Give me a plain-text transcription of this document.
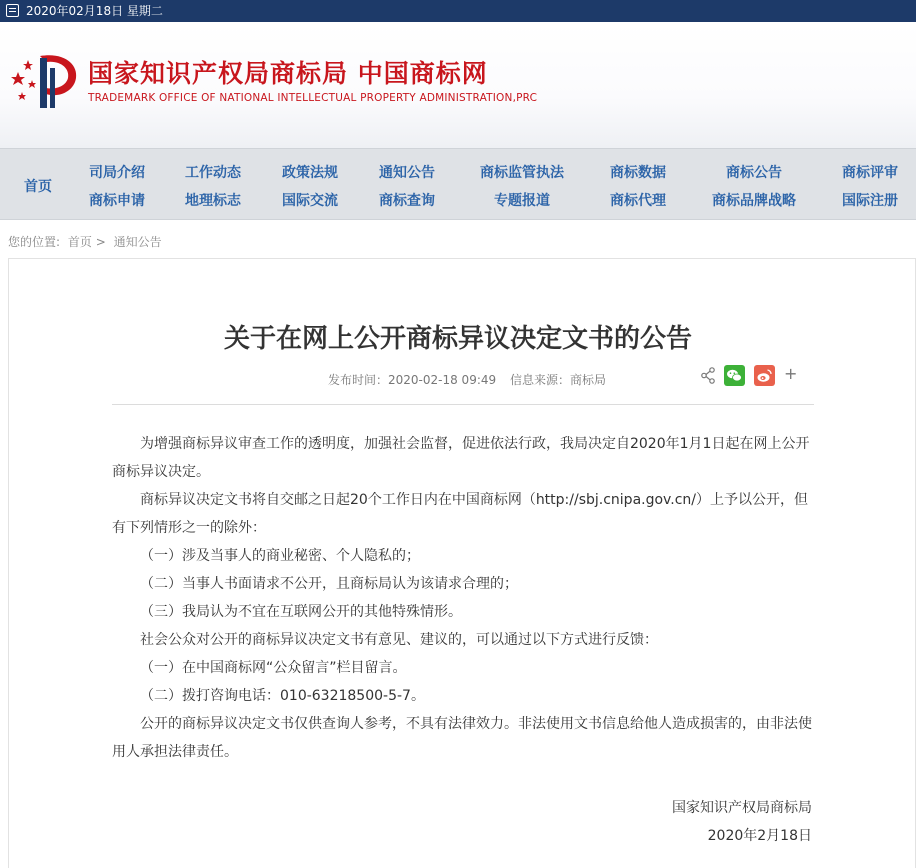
2020年02月18日 星期二
国家知识产权局商标局 中国商标网
TRADEMARK OFFICE OF NATIONAL INTELLECTUAL PROPERTY ADMINISTRATION,PRC
首页
司局介绍	工作动态	政策法规	通知公告	商标监管执法	商标数据	商标公告	商标评审
商标申请	地理标志	国际交流	商标查询	专题报道	商标代理	商标品牌战略	国际注册
您的位置: 首页 > 通知公告
关于在网上公开商标异议决定文书的公告
发布时间：2020-02-18 09:49 信息来源：商标局	+

为增强商标异议审查工作的透明度，加强社会监督，促进依法行政，我局决定自2020年1月1日起在网上公开商标异议决定。

商标异议决定文书将自交邮之日起20个工作日内在中国商标网（http://sbj.cnipa.gov.cn/）上予以公开，但有下列情形之一的除外：

（一）涉及当事人的商业秘密、个人隐私的；

（二）当事人书面请求不公开，且商标局认为该请求合理的；

（三）我局认为不宜在互联网公开的其他特殊情形。

社会公众对公开的商标异议决定文书有意见、建议的，可以通过以下方式进行反馈：

（一）在中国商标网“公众留言”栏目留言。

（二）拨打咨询电话：010-63218500-5-7。

公开的商标异议决定文书仅供查询人参考，不具有法律效力。非法使用文书信息给他人造成损害的，由非法使用人承担法律责任。

国家知识产权局商标局
2020年2月18日
